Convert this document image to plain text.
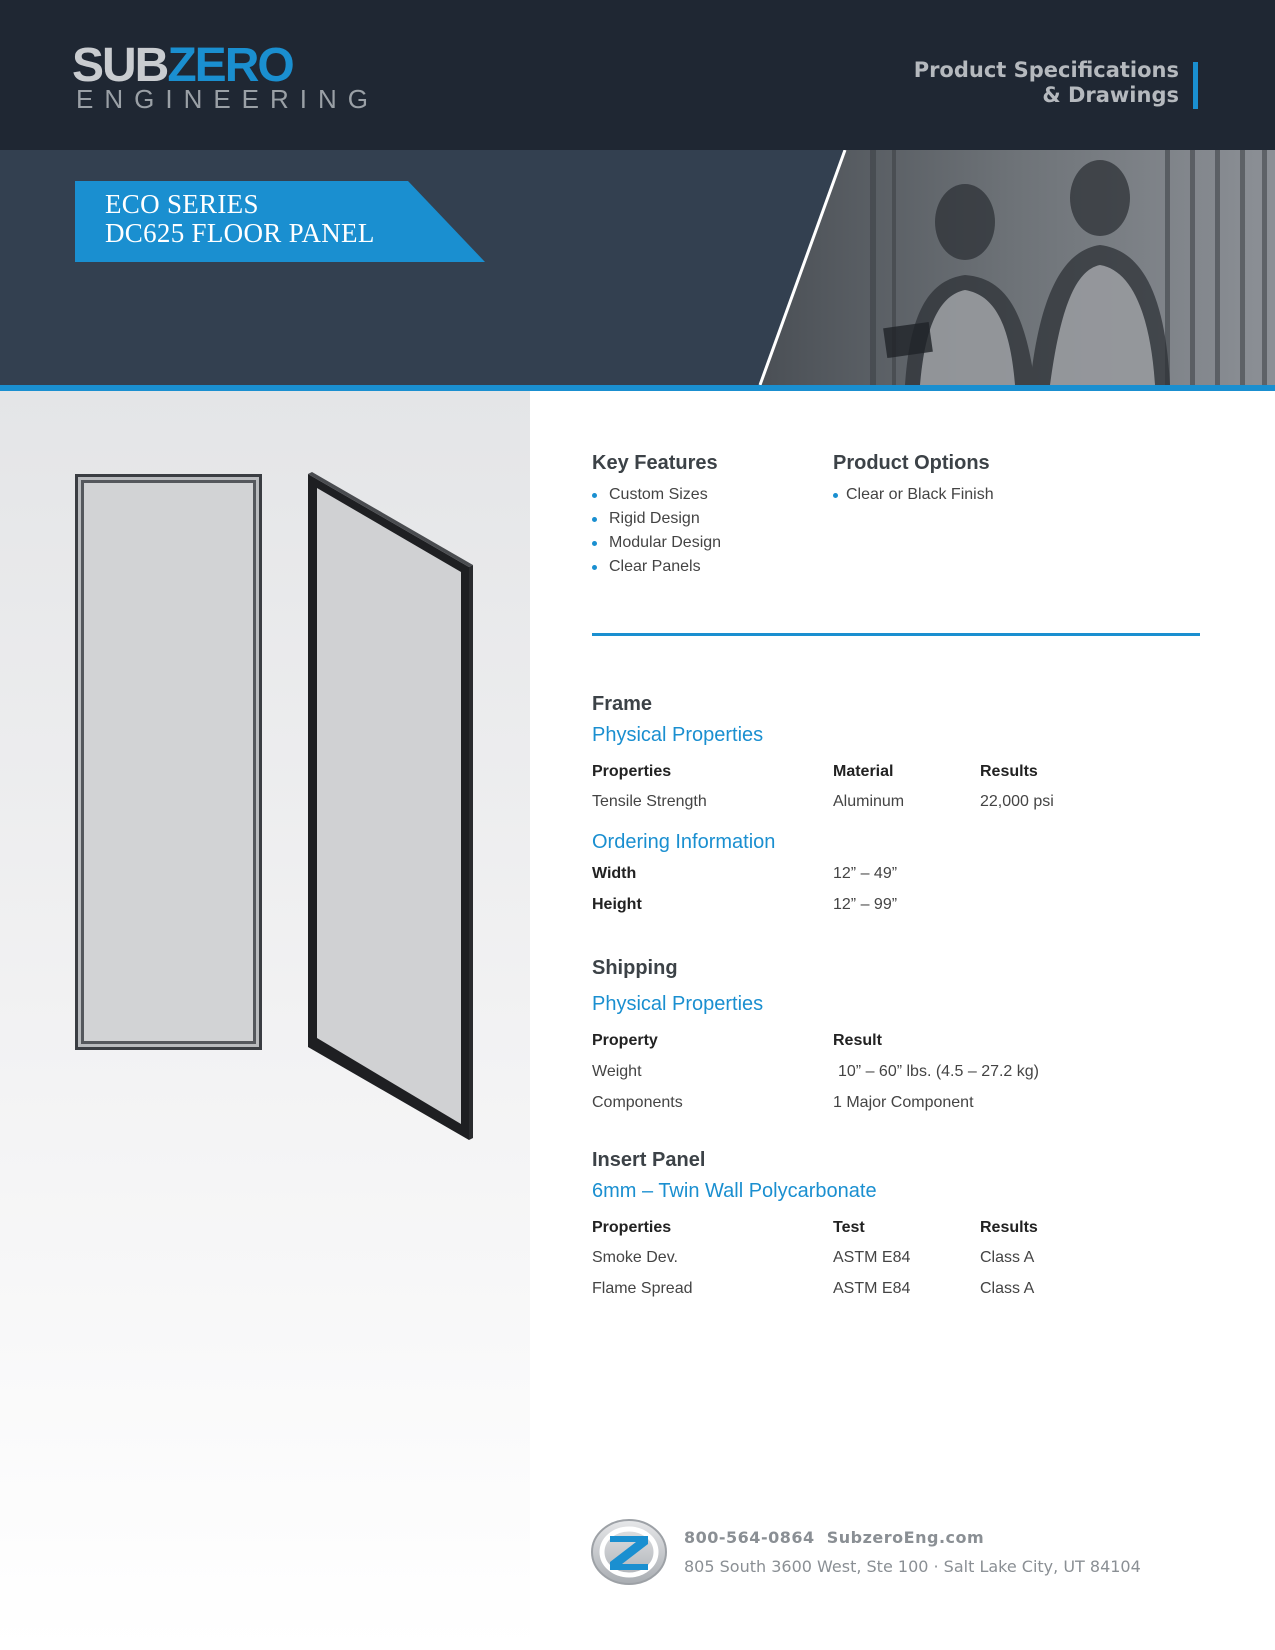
SUBZERO
ENGINEERING
Product Specifications
& Drawings
ECO SERIES
DC625 FLOOR PANEL
Key Features
Custom Sizes
Rigid Design
Modular Design
Clear Panels
Product Options
Clear or Black Finish
Frame
Physical Properties
Properties	Material	Results
Tensile Strength	Aluminum	22,000 psi
Ordering Information
Width	12” – 49”
Height	12” – 99”
Shipping
Physical Properties
Property	Result
Weight	10” – 60” lbs. (4.5 – 27.2 kg)
Components	1 Major Component
Insert Panel
6mm – Twin Wall Polycarbonate
Properties	Test	Results
Smoke Dev.	ASTM E84	Class A
Flame Spread	ASTM E84	Class A
800-564-0864 SubzeroEng.com
805 South 3600 West, Ste 100 · Salt Lake City, UT 84104
